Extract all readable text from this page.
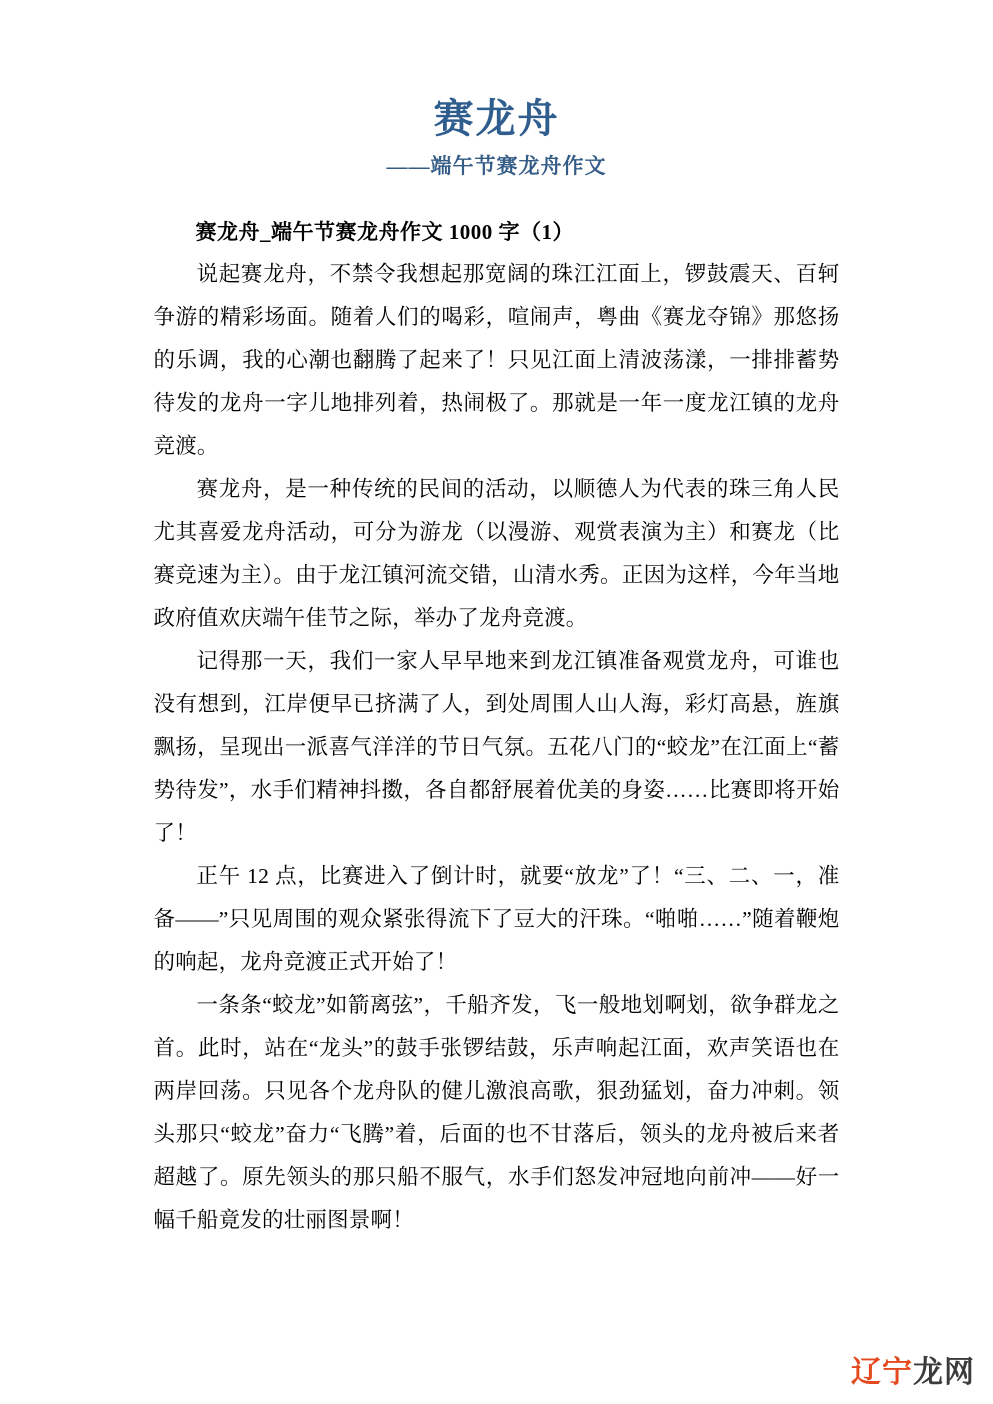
赛龙舟
——端午节赛龙舟作文
赛龙舟_端午节赛龙舟作文 1000 字（1）

说起赛龙舟，不禁令我想起那宽阔的珠江江面上，锣鼓震天、百轲争游的精彩场面。随着人们的喝彩，喧闹声，粤曲《赛龙夺锦》那悠扬的乐调，我的心潮也翻腾了起来了！只见江面上清波荡漾，一排排蓄势待发的龙舟一字儿地排列着，热闹极了。那就是一年一度龙江镇的龙舟竞渡。

赛龙舟，是一种传统的民间的活动，以顺德人为代表的珠三角人民尤其喜爱龙舟活动，可分为游龙（以漫游、观赏表演为主）和赛龙（比赛竞速为主）。由于龙江镇河流交错，山清水秀。正因为这样，今年当地政府值欢庆端午佳节之际，举办了龙舟竞渡。

记得那一天，我们一家人早早地来到龙江镇准备观赏龙舟，可谁也没有想到，江岸便早已挤满了人，到处周围人山人海，彩灯高悬，旌旗飘扬，呈现出一派喜气洋洋的节日气氛。五花八门的“蛟龙”在江面上“蓄势待发”，水手们精神抖擞，各自都舒展着优美的身姿……比赛即将开始了！

正午 12 点，比赛进入了倒计时，就要“放龙”了！“三、二、一，准备——”只见周围的观众紧张得流下了豆大的汗珠。“啪啪……”随着鞭炮的响起，龙舟竞渡正式开始了！

一条条“蛟龙”如箭离弦”，千船齐发，飞一般地划啊划，欲争群龙之首。此时，站在“龙头”的鼓手张锣结鼓，乐声响起江面，欢声笑语也在两岸回荡。只见各个龙舟队的健儿激浪高歌，狠劲猛划，奋力冲刺。领头那只“蛟龙”奋力“飞腾”着，后面的也不甘落后，领头的龙舟被后来者超越了。原先领头的那只船不服气，水手们怒发冲冠地向前冲——好一幅千船竟发的壮丽图景啊！

辽宁龙网
